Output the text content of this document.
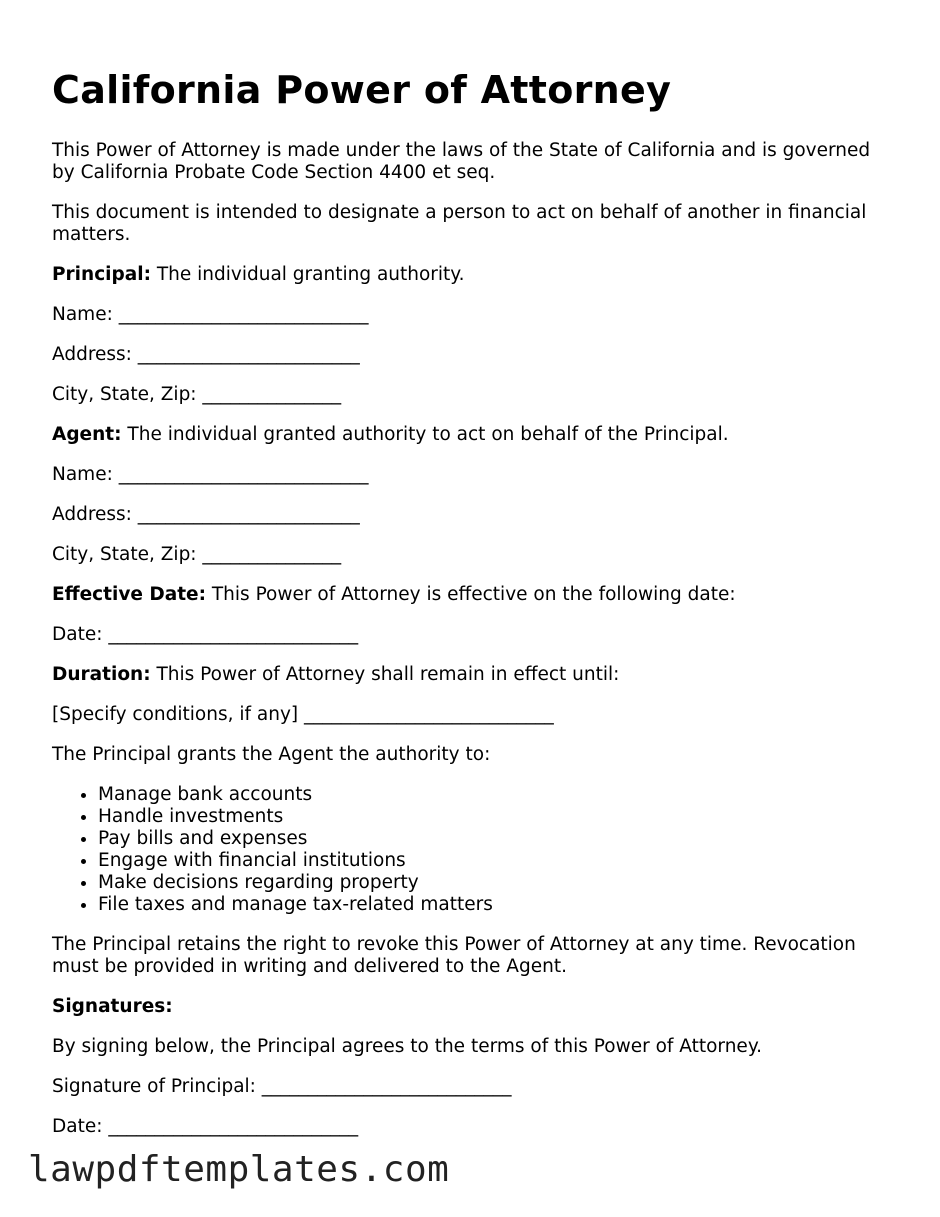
California Power of Attorney

This Power of Attorney is made under the laws of the State of California and is governed by California Probate Code Section 4400 et seq.

This document is intended to designate a person to act on behalf of another in financial matters.

Principal: The individual granting authority.

Name: ___________________________

Address: ________________________

City, State, Zip: _______________

Agent: The individual granted authority to act on behalf of the Principal.

Name: ___________________________

Address: ________________________

City, State, Zip: _______________

Effective Date: This Power of Attorney is effective on the following date:

Date: ___________________________

Duration: This Power of Attorney shall remain in effect until:

[Specify conditions, if any] ___________________________

The Principal grants the Agent the authority to:

• Manage bank accounts
• Handle investments
• Pay bills and expenses
• Engage with financial institutions
• Make decisions regarding property
• File taxes and manage tax-related matters

The Principal retains the right to revoke this Power of Attorney at any time. Revocation must be provided in writing and delivered to the Agent.

Signatures:

By signing below, the Principal agrees to the terms of this Power of Attorney.

Signature of Principal: ___________________________

Date: ___________________________

lawpdftemplates.com
